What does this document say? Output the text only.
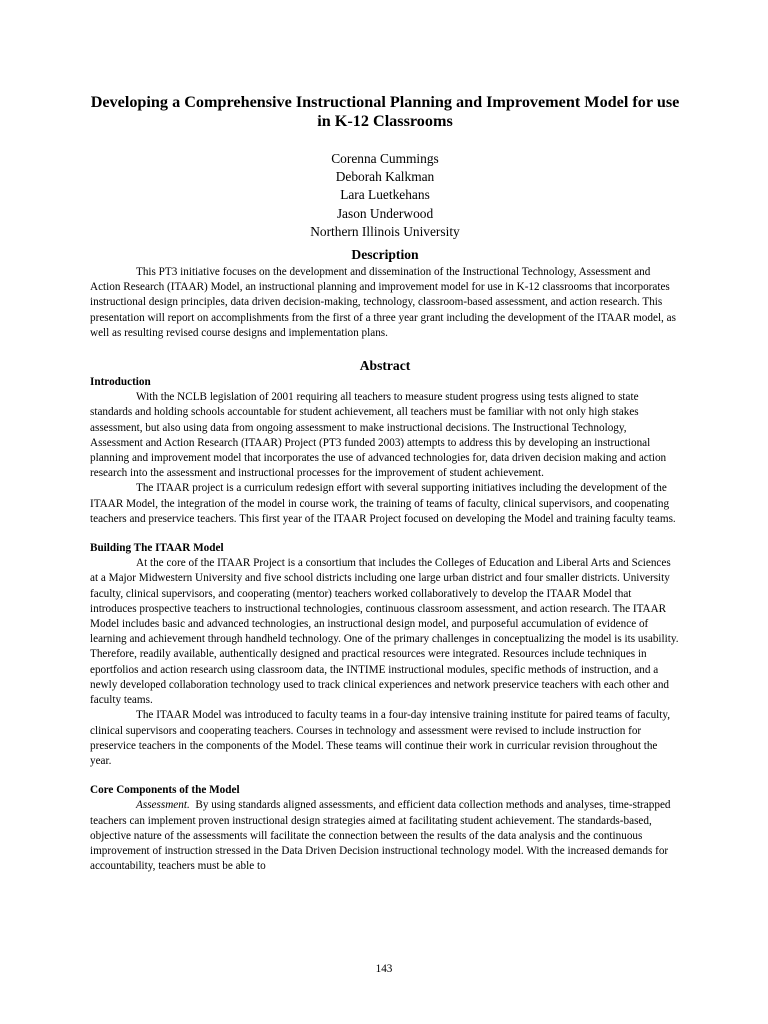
Developing a Comprehensive Instructional Planning and Improvement Model for use in K-12 Classrooms
Corenna Cummings
Deborah Kalkman
Lara Luetkehans
Jason Underwood
Northern Illinois University
Description

This PT3 initiative focuses on the development and dissemination of the Instructional Technology, Assessment and Action Research (ITAAR) Model, an instructional planning and improvement model for use in K-12 classrooms that incorporates instructional design principles, data driven decision-making, technology, classroom-based assessment, and action research. This presentation will report on accomplishments from the first of a three year grant including the development of the ITAAR model, as well as resulting revised course designs and implementation plans.

Abstract
Introduction

With the NCLB legislation of 2001 requiring all teachers to measure student progress using tests aligned to state standards and holding schools accountable for student achievement, all teachers must be familiar with not only high stakes assessment, but also using data from ongoing assessment to make instructional decisions. The Instructional Technology, Assessment and Action Research (ITAAR) Project (PT3 funded 2003) attempts to address this by developing an instructional planning and improvement model that incorporates the use of advanced technologies for, data driven decision making and action research into the assessment and instructional processes for the improvement of student achievement.

The ITAAR project is a curriculum redesign effort with several supporting initiatives including the development of the ITAAR Model, the integration of the model in course work, the training of teams of faculty, clinical supervisors, and coopenating teachers and preservice teachers. This first year of the ITAAR Project focused on developing the Model and training faculty teams.

Building The ITAAR Model

At the core of the ITAAR Project is a consortium that includes the Colleges of Education and Liberal Arts and Sciences at a Major Midwestern University and five school districts including one large urban district and four smaller districts. University faculty, clinical supervisors, and cooperating (mentor) teachers worked collaboratively to develop the ITAAR Model that introduces prospective teachers to instructional technologies, continuous classroom assessment, and action research. The ITAAR Model includes basic and advanced technologies, an instructional design model, and purposeful accumulation of evidence of learning and achievement through handheld technology. One of the primary challenges in conceptualizing the model is its usability. Therefore, readily available, authentically designed and practical resources were integrated. Resources include techniques in eportfolios and action research using classroom data, the INTIME instructional modules, specific methods of instruction, and a newly developed collaboration technology used to track clinical experiences and network preservice teachers with each other and faculty teams.

The ITAAR Model was introduced to faculty teams in a four-day intensive training institute for paired teams of faculty, clinical supervisors and cooperating teachers. Courses in technology and assessment were revised to include instruction for preservice teachers in the components of the Model. These teams will continue their work in curricular revision throughout the year.

Core Components of the Model

Assessment. By using standards aligned assessments, and efficient data collection methods and analyses, time-strapped teachers can implement proven instructional design strategies aimed at facilitating student achievement. The standards-based, objective nature of the assessments will facilitate the connection between the results of the data analysis and the continuous improvement of instruction stressed in the Data Driven Decision instructional technology model. With the increased demands for accountability, teachers must be able to

143
